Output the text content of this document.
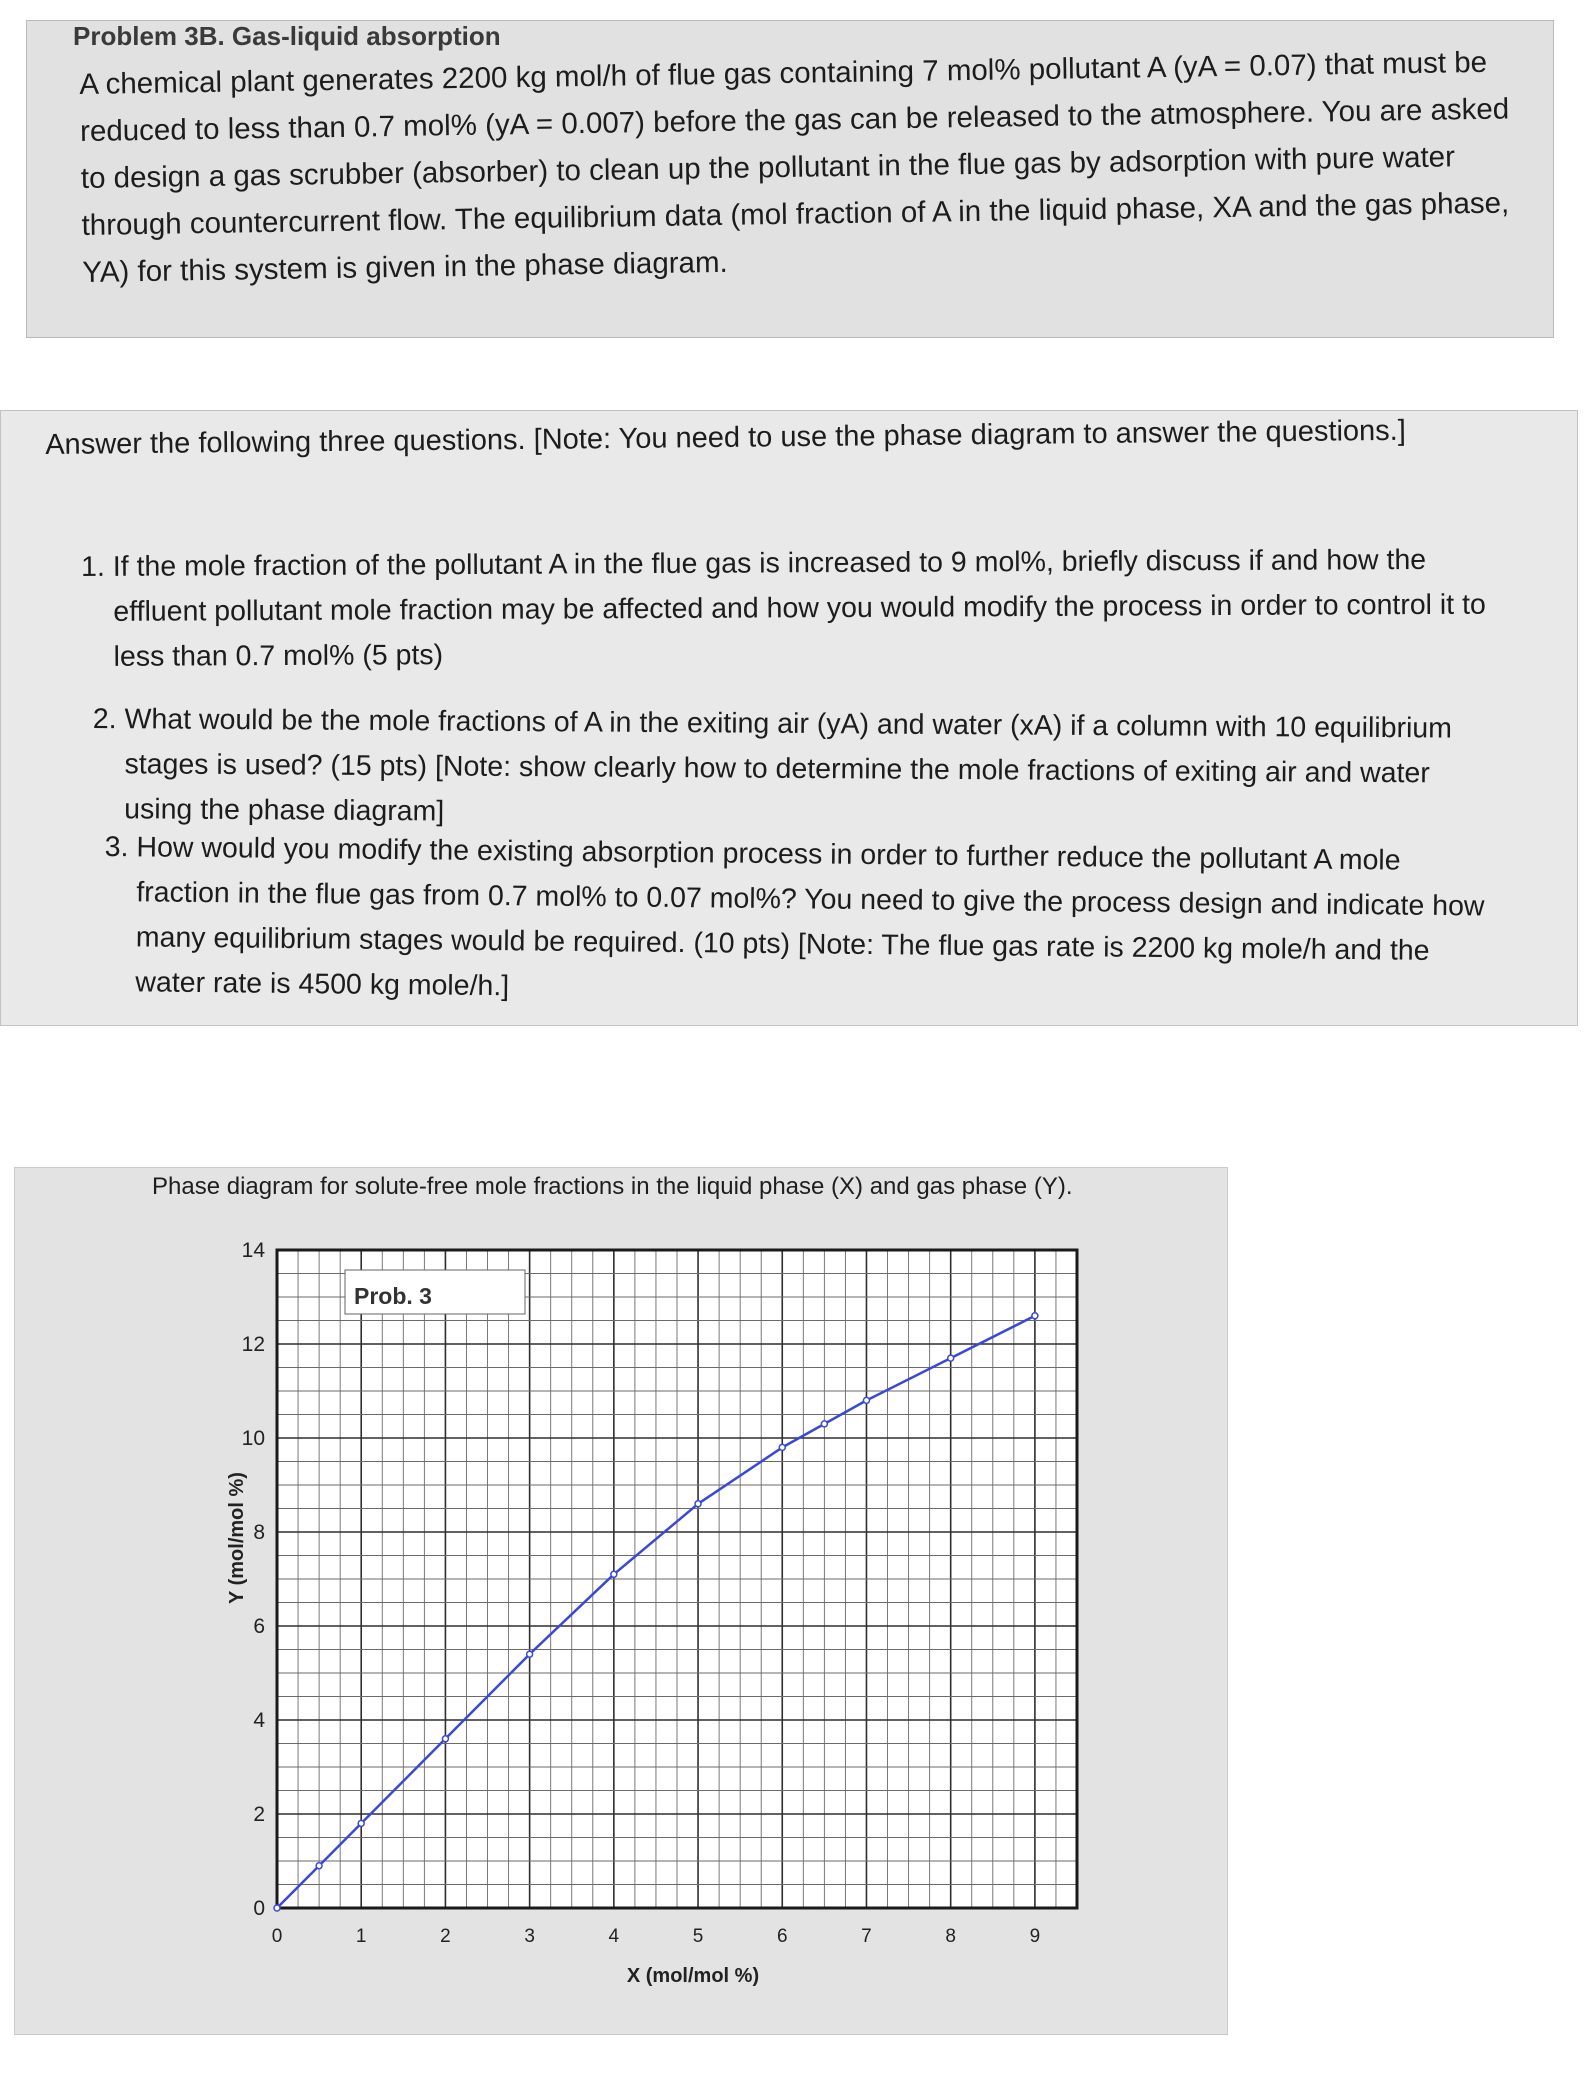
Problem 3B. Gas-liquid absorption
A chemical plant generates 2200 kg mol/h of flue gas containing 7 mol% pollutant A (yA = 0.07) that must be reduced to less than 0.7 mol% (yA = 0.007) before the gas can be released to the atmosphere. You are asked to design a gas scrubber (absorber) to clean up the pollutant in the flue gas by adsorption with pure water through countercurrent flow. The equilibrium data (mol fraction of A in the liquid phase, XA and the gas phase, YA) for this system is given in the phase diagram.
Answer the following three questions. [Note: You need to use the phase diagram to answer the questions.]
1. If the mole fraction of the pollutant A in the flue gas is increased to 9 mol%, briefly discuss if and how the effluent pollutant mole fraction may be affected and how you would modify the process in order to control it to less than 0.7 mol% (5 pts)
2. What would be the mole fractions of A in the exiting air (yA) and water (xA) if a column with 10 equilibrium stages is used? (15 pts) [Note: show clearly how to determine the mole fractions of exiting air and water using the phase diagram]
3. How would you modify the existing absorption process in order to further reduce the pollutant A mole fraction in the flue gas from 0.7 mol% to 0.07 mol%? You need to give the process design and indicate how many equilibrium stages would be required. (10 pts) [Note: The flue gas rate is 2200 kg mole/h and the water rate is 4500 kg mole/h.]
Phase diagram for solute-free mole fractions in the liquid phase (X) and gas phase (Y).
0	1	2	3	4	5	6	7	8	9
0
2
4
6
8
10
12
14
Prob. 3
X (mol/mol %)
Y (mol/mol %)
